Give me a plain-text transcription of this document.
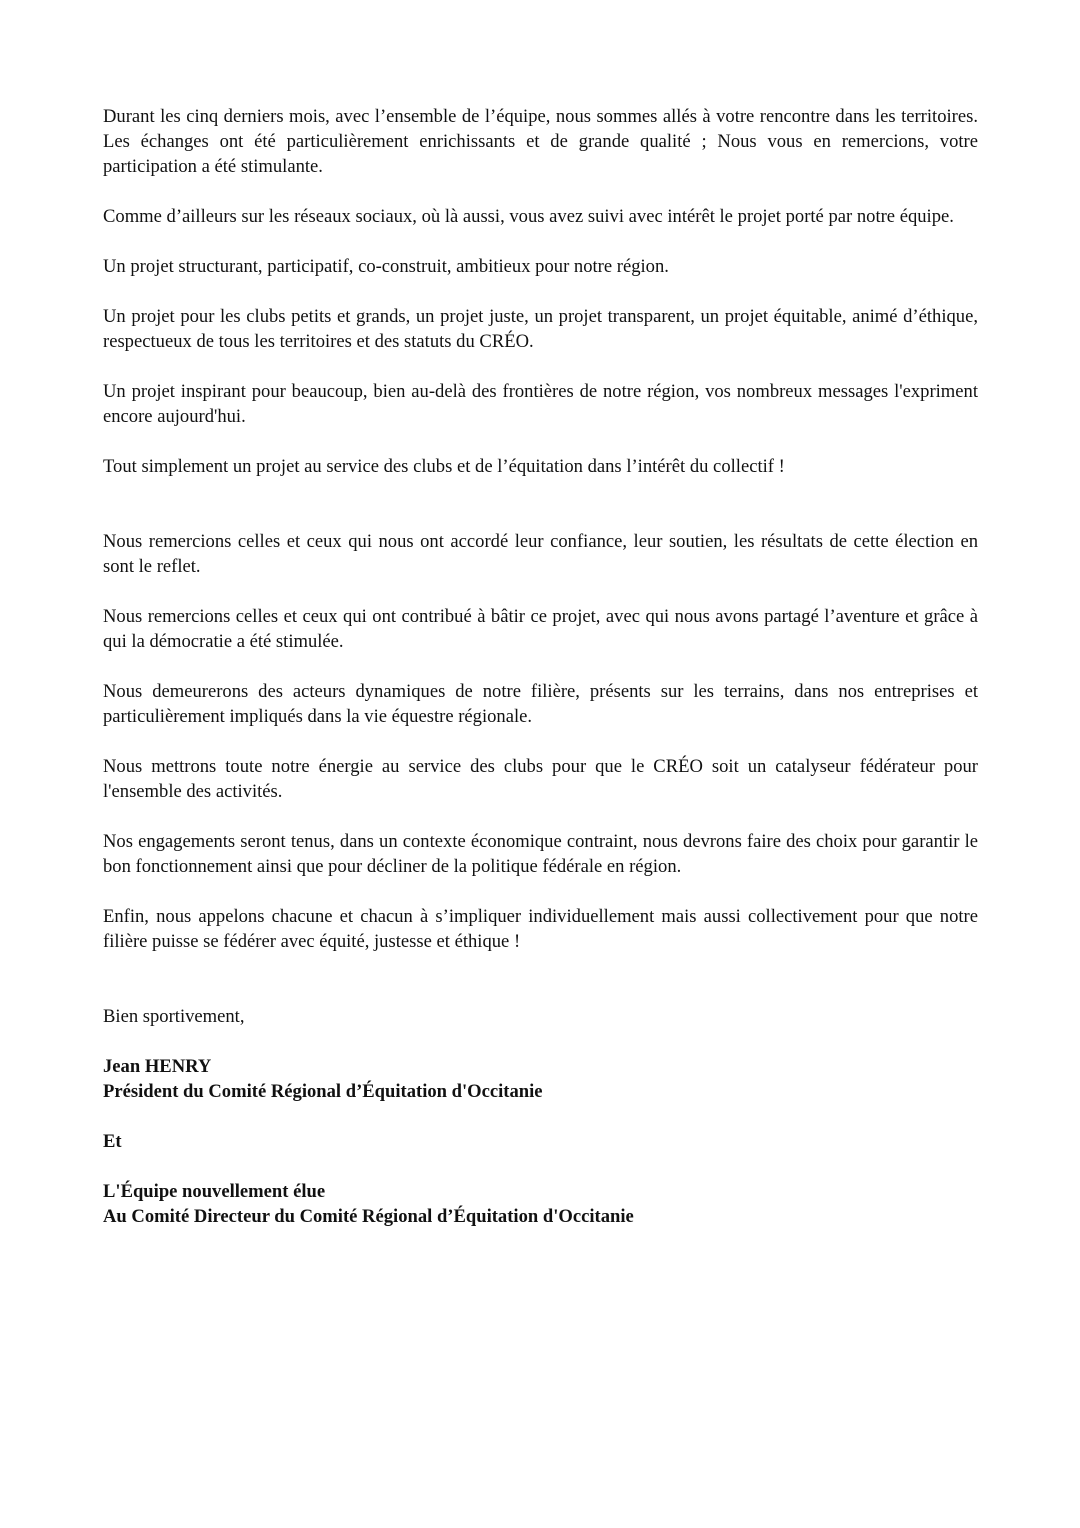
Durant les cinq derniers mois, avec l’ensemble de l’équipe, nous sommes allés à votre rencontre dans les territoires. Les échanges ont été particulièrement enrichissants et de grande qualité ; Nous vous en remercions, votre participation a été stimulante.

Comme d’ailleurs sur les réseaux sociaux, où là aussi, vous avez suivi avec intérêt le projet porté par notre équipe.

Un projet structurant, participatif, co-construit, ambitieux pour notre région.

Un projet pour les clubs petits et grands, un projet juste, un projet transparent, un projet équitable, animé d’éthique, respectueux de tous les territoires et des statuts du CRÉO.

Un projet inspirant pour beaucoup, bien au-delà des frontières de notre région, vos nombreux messages l'expriment encore aujourd'hui.

Tout simplement un projet au service des clubs et de l’équitation dans l’intérêt du collectif !

Nous remercions celles et ceux qui nous ont accordé leur confiance, leur soutien, les résultats de cette élection en sont le reflet.

Nous remercions celles et ceux qui ont contribué à bâtir ce projet, avec qui nous avons partagé l’aventure et grâce à qui la démocratie a été stimulée.

Nous demeurerons des acteurs dynamiques de notre filière, présents sur les terrains, dans nos entreprises et particulièrement impliqués dans la vie équestre régionale.

Nous mettrons toute notre énergie au service des clubs pour que le CRÉO soit un catalyseur fédérateur pour l'ensemble des activités.

Nos engagements seront tenus, dans un contexte économique contraint, nous devrons faire des choix pour garantir le bon fonctionnement ainsi que pour décliner de la politique fédérale en région.

Enfin, nous appelons chacune et chacun à s’impliquer individuellement mais aussi collectivement pour que notre filière puisse se fédérer avec équité, justesse et éthique !

Bien sportivement,

Jean HENRY

Président du Comité Régional d’Équitation d'Occitanie

Et

L'Équipe nouvellement élue

Au Comité Directeur du Comité Régional d’Équitation d'Occitanie
